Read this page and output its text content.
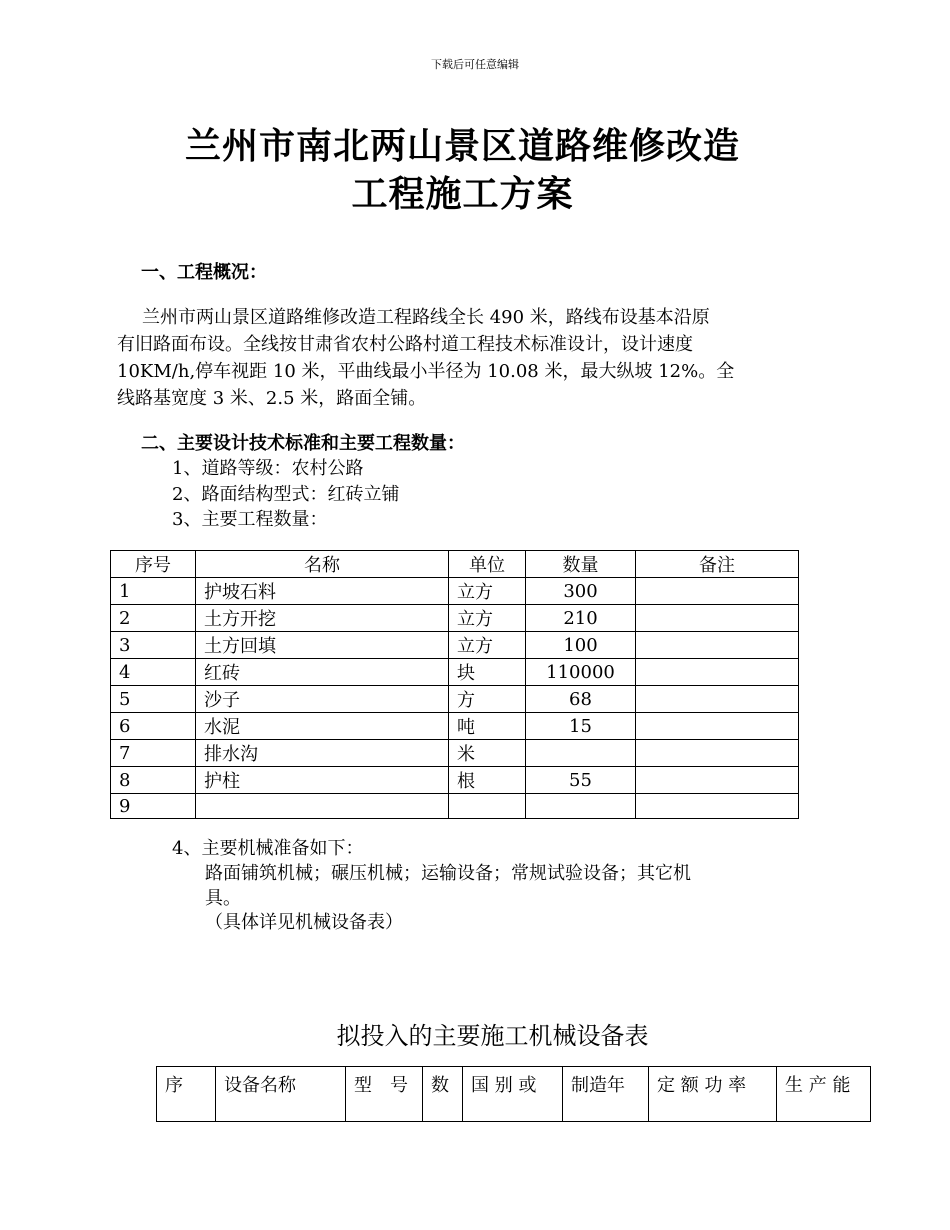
下载后可任意编辑
兰州市南北两山景区道路维修改造
工程施工方案
一、工程概况：
兰州市两山景区道路维修改造工程路线全长 490 米，路线布设基本沿原
有旧路面布设。全线按甘肃省农村公路村道工程技术标准设计，设计速度
10KM/h,停车视距 10 米，平曲线最小半径为 10.08 米，最大纵坡 12%。全
线路基宽度 3 米、2.5 米，路面全铺。
二、主要设计技术标准和主要工程数量：
1、道路等级：农村公路
2、路面结构型式：红砖立铺
3、主要工程数量：
序号	名称	单位	数量	备注
1	护坡石料	立方	300	
2	土方开挖	立方	210	
3	土方回填	立方	100	
4	红砖	块	110000	
5	沙子	方	68	
6	水泥	吨	15	
7	排水沟	米		
8	护柱	根	55	
9				
4、主要机械准备如下：
路面铺筑机械；碾压机械；运输设备；常规试验设备；其它机
具。
（具体详见机械设备表）
拟投入的主要施工机械设备表
序	设备名称	型　号	数	国 别 或	制造年	定 额 功 率	生 产 能
